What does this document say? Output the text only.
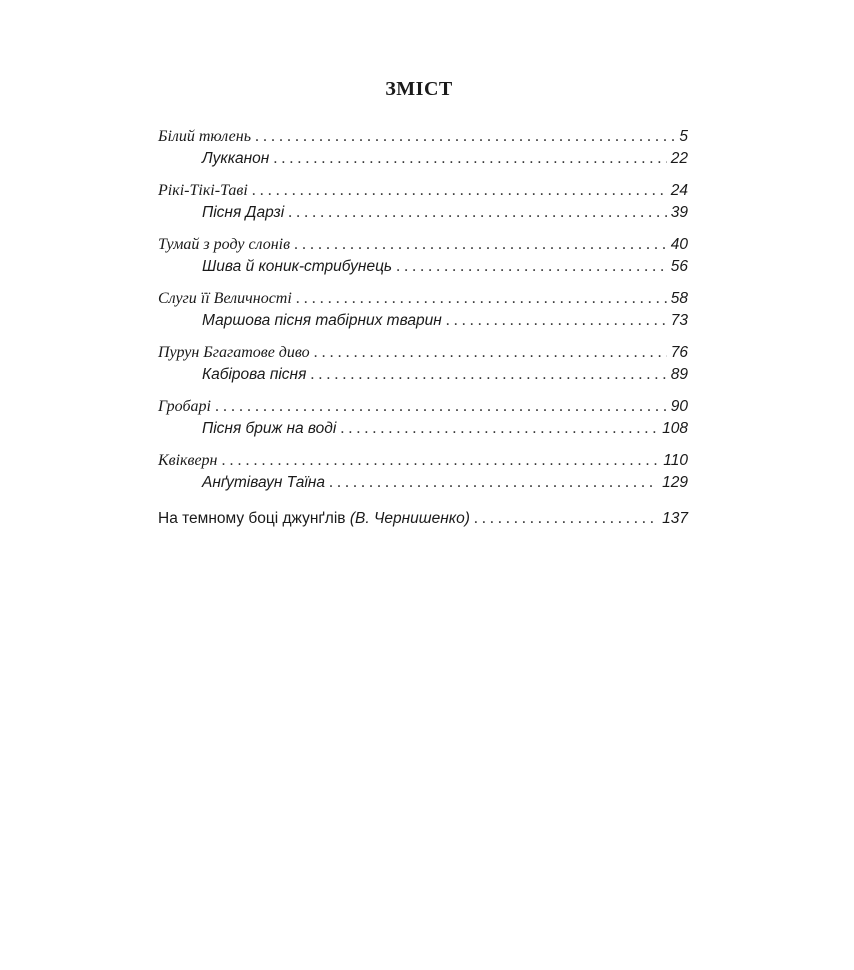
ЗМІСТ
Білий тюлень . . .	5
Лукканон . . .	22
Рікі-Тікі-Таві . . .	24
Пісня Дарзі . . .	39
Тумай з роду слонів . . .	40
Шива й коник-стрибунець . . .	56
Слуги її Величності . . .	58
Маршова пісня табірних тварин . . .	73
Пурун Бгагатове диво . . .	76
Кабірова пісня . . .	89
Гробарі . . .	90
Пісня бриж на воді . . .	108
Квікверн . . .	110
Анґутіваун Таїна . . .	129
На темному боці джунґлів (В. Чернишенко) . . .	137
